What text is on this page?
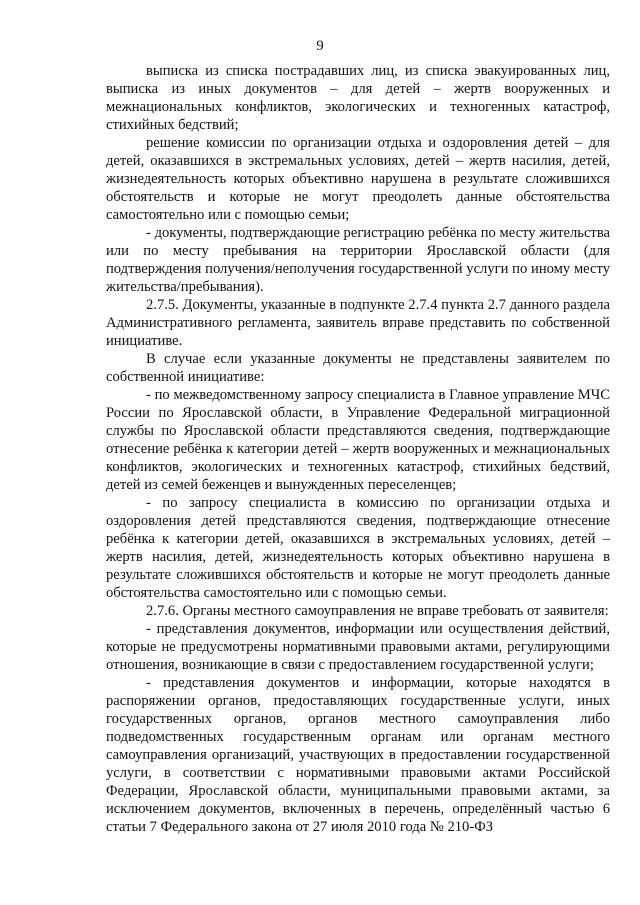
9

выписка из списка пострадавших лиц, из списка эвакуированных лиц, выписка из иных документов – для детей – жертв вооруженных и межнациональных конфликтов, экологических и техногенных катастроф, стихийных бедствий;

решение комиссии по организации отдыха и оздоровления детей – для детей, оказавшихся в экстремальных условиях, детей – жертв насилия, детей, жизнедеятельность которых объективно нарушена в результате сложившихся обстоятельств и которые не могут преодолеть данные обстоятельства самостоятельно или с помощью семьи;

- документы, подтверждающие регистрацию ребёнка по месту жительства или по месту пребывания на территории Ярославской области (для подтверждения получения/неполучения государственной услуги по иному месту жительства/пребывания).

2.7.5. Документы, указанные в подпункте 2.7.4 пункта 2.7 данного раздела Административного регламента, заявитель вправе представить по собственной инициативе.

В случае если указанные документы не представлены заявителем по собственной инициативе:

- по межведомственному запросу специалиста в Главное управление МЧС России по Ярославской области, в Управление Федеральной миграционной службы по Ярославской области представляются сведения, подтверждающие отнесение ребёнка к категории детей – жертв вооруженных и межнациональных конфликтов, экологических и техногенных катастроф, стихийных бедствий, детей из семей беженцев и вынужденных переселенцев;

- по запросу специалиста в комиссию по организации отдыха и оздоровления детей представляются сведения, подтверждающие отнесение ребёнка к категории детей, оказавшихся в экстремальных условиях, детей – жертв насилия, детей, жизнедеятельность которых объективно нарушена в результате сложившихся обстоятельств и которые не могут преодолеть данные обстоятельства самостоятельно или с помощью семьи.

2.7.6. Органы местного самоуправления не вправе требовать от заявителя:

- представления документов, информации или осуществления действий, которые не предусмотрены нормативными правовыми актами, регулирующими отношения, возникающие в связи с предоставлением государственной услуги;

- представления документов и информации, которые находятся в распоряжении органов, предоставляющих государственные услуги, иных государственных органов, органов местного самоуправления либо подведомственных государственным органам или органам местного самоуправления организаций, участвующих в предоставлении государственной услуги, в соответствии с нормативными правовыми актами Российской Федерации, Ярославской области, муниципальными правовыми актами, за исключением документов, включенных в перечень, определённый частью 6 статьи 7 Федерального закона от 27 июля 2010 года № 210-ФЗ
